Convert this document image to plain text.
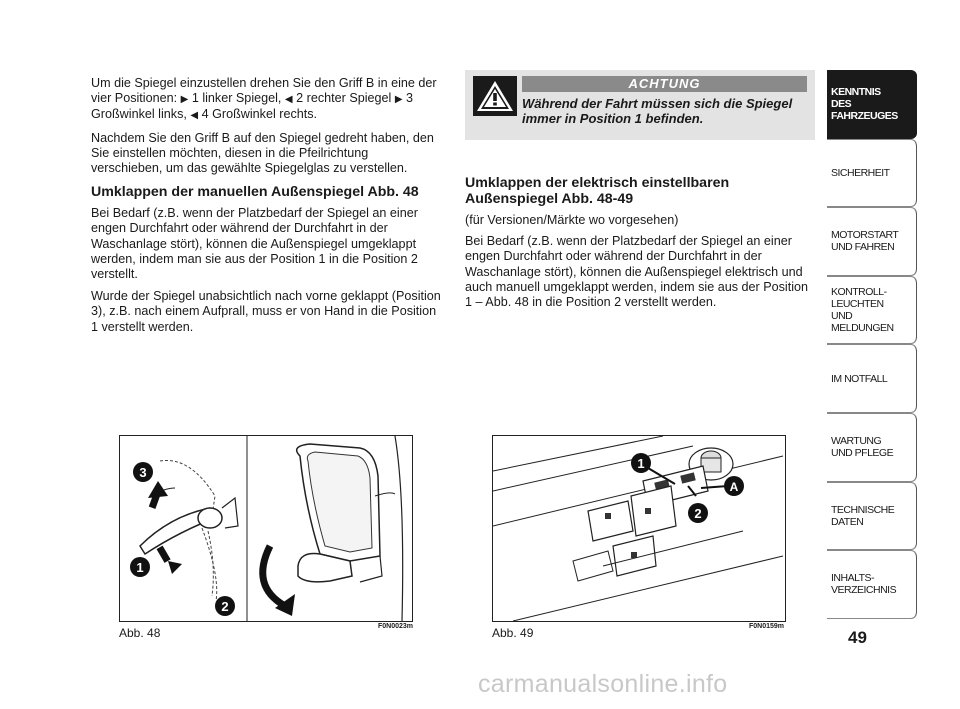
Um die Spiegel einzustellen drehen Sie den Griff B in eine der vier Positionen: ▶ 1 linker Spiegel, ◀ 2 rechter Spiegel ▶ 3 Großwinkel links, ◀ 4 Großwinkel rechts.

Nachdem Sie den Griff B auf den Spiegel gedreht haben, den Sie einstellen möchten, diesen in die Pfeilrichtung verschieben, um das gewählte Spiegelglas zu verstellen.

Umklappen der manuellen Außenspiegel Abb. 48

Bei Bedarf (z.B. wenn der Platzbedarf der Spiegel an einer engen Durchfahrt oder während der Durchfahrt in der Waschanlage stört), können die Außenspiegel umgeklappt werden, indem man sie aus der Position 1 in die Position 2 verstellt.

Wurde der Spiegel unabsichtlich nach vorne geklappt (Position 3), z.B. nach einem Aufprall, muss er von Hand in die Position 1 verstellt werden.

ACHTUNG
Während der Fahrt müssen sich die Spiegel immer in Position 1 befinden.
Umklappen der elektrisch einstellbaren Außenspiegel Abb. 48-49

(für Versionen/Märkte wo vorgesehen)

Bei Bedarf (z.B. wenn der Platzbedarf der Spiegel an einer engen Durchfahrt oder während der Durchfahrt in der Waschanlage stört), können die Außenspiegel elektrisch und auch manuell umgeklappt werden, indem sie aus der Position 1 – Abb. 48 in die Position 2 verstellt werden.

3
1
2
Abb. 48	F0N0023m
1
A
2
Abb. 49	F0N0159m
KENNTNIS
DES FAHRZEUGES
SICHERHEIT
MOTORSTART
UND FAHREN
KONTROLL-
LEUCHTEN
UND MELDUNGEN
IM NOTFALL
WARTUNG
UND PFLEGE
TECHNISCHE
DATEN
INHALTS-
VERZEICHNIS
49
carmanualsonline.info
